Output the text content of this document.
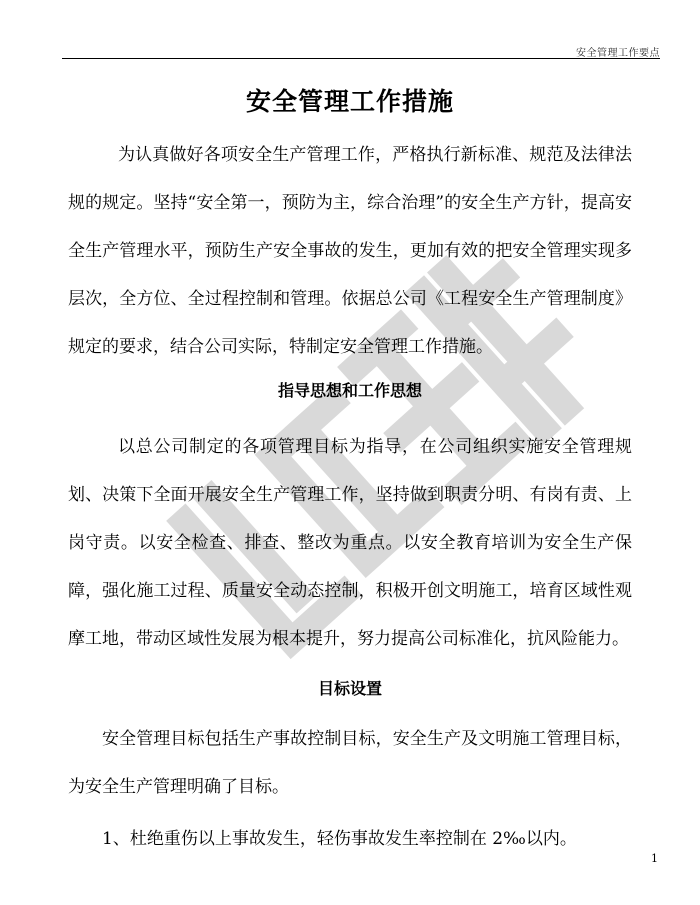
安全管理工作要点
安全管理工作措施

为认真做好各项安全生产管理工作，严格执行新标准、规范及法律法规的规定。坚持“安全第一，预防为主，综合治理”的安全生产方针，提高安全生产管理水平，预防生产安全事故的发生，更加有效的把安全管理实现多层次，全方位、全过程控制和管理。依据总公司《工程安全生产管理制度》规定的要求，结合公司实际，特制定安全管理工作措施。

指导思想和工作思想

以总公司制定的各项管理目标为指导，在公司组织实施安全管理规划、决策下全面开展安全生产管理工作，坚持做到职责分明、有岗有责、上岗守责。以安全检查、排查、整改为重点。以安全教育培训为安全生产保障，强化施工过程、质量安全动态控制，积极开创文明施工，培育区域性观摩工地，带动区域性发展为根本提升，努力提高公司标准化，抗风险能力。

目标设置

安全管理目标包括生产事故控制目标，安全生产及文明施工管理目标，为安全生产管理明确了目标。

1、杜绝重伤以上事故发生，轻伤事故发生率控制在 2‰以内。

1
